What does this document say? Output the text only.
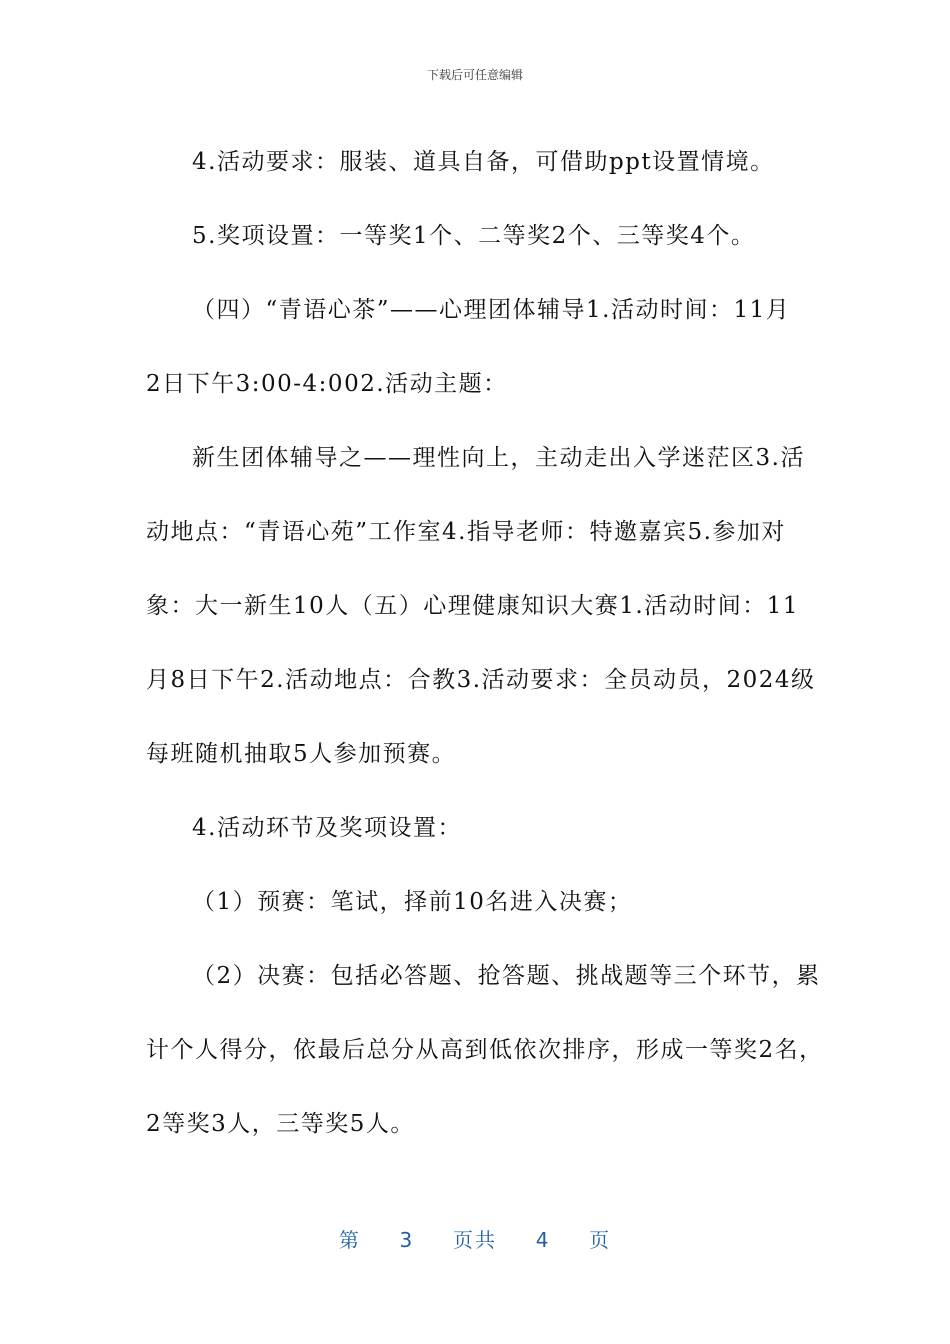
下载后可任意编辑
4.活动要求：服装、道具自备，可借助ppt设置情境。
5.奖项设置：一等奖1个、二等奖2个、三等奖4个。
（四）“青语心茶”——心理团体辅导1.活动时间：11月
2日下午3:00-4:002.活动主题：
新生团体辅导之——理性向上，主动走出入学迷茫区3.活
动地点：“青语心苑”工作室4.指导老师：特邀嘉宾5.参加对
象：大一新生10人（五）心理健康知识大赛1.活动时间：11
月8日下午2.活动地点：合教3.活动要求：全员动员，2024级
每班随机抽取5人参加预赛。
4.活动环节及奖项设置：
（1）预赛：笔试，择前10名进入决赛；
（2）决赛：包括必答题、抢答题、挑战题等三个环节，累
计个人得分，依最后总分从高到低依次排序，形成一等奖2名，
2等奖3人，三等奖5人。
第 3 页共 4 页
